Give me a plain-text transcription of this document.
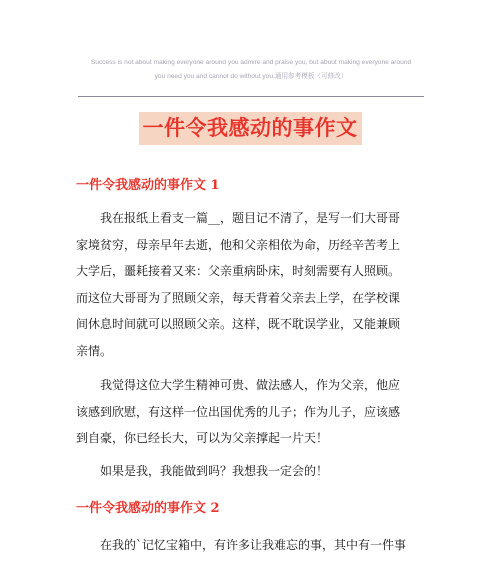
Success is not about making everyone around you admire and praise you, but about making everyone around
you need you and cannot do without you.通用参考模板（可修改）
一件令我感动的事作文
一件令我感动的事作文 1
我在报纸上看支一篇__，题目记不清了，是写一们大哥哥
家境贫穷，母亲早年去逝，他和父亲相依为命，历经辛苦考上
大学后，噩耗接着又来：父亲重病卧床，时刻需要有人照顾。
而这位大哥哥为了照顾父亲，每天背着父亲去上学，在学校课
间休息时间就可以照顾父亲。这样，既不耽误学业，又能兼顾
亲情。
我觉得这位大学生精神可贵、做法感人，作为父亲，他应
该感到欣慰，有这样一位出国优秀的儿子；作为儿子，应该感
到自豪，你已经长大，可以为父亲撑起一片天！
如果是我，我能做到吗？我想我一定会的！
一件令我感动的事作文 2
在我的`记忆宝箱中，有许多让我难忘的事，其中有一件事
